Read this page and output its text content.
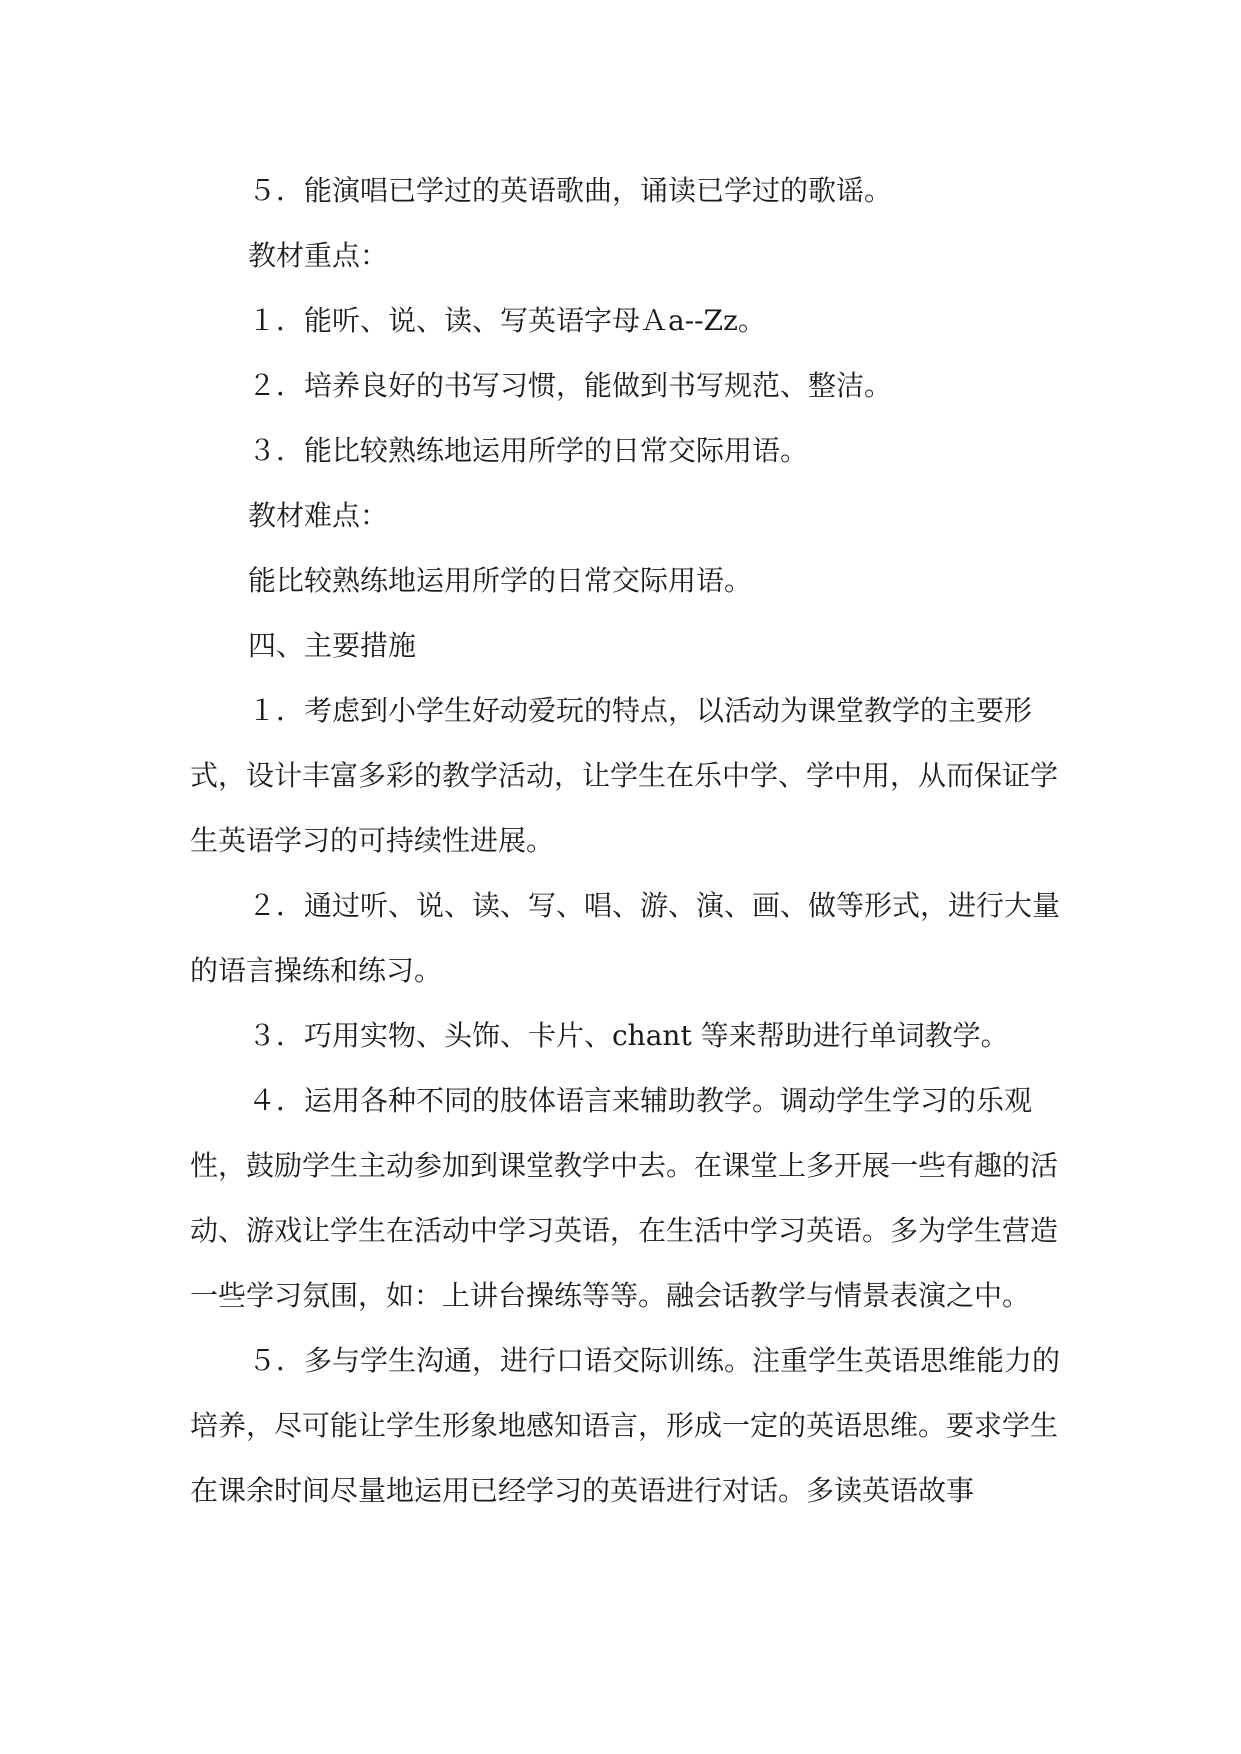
５．能演唱已学过的英语歌曲，诵读已学过的歌谣。

教材重点：

１．能听、说、读、写英语字母Ａa--Zz。

２．培养良好的书写习惯，能做到书写规范、整洁。

３．能比较熟练地运用所学的日常交际用语。

教材难点：

能比较熟练地运用所学的日常交际用语。

四、主要措施

１．考虑到小学生好动爱玩的特点，以活动为课堂教学的主要形式，设计丰富多彩的教学活动，让学生在乐中学、学中用，从而保证学生英语学习的可持续性进展。

２．通过听、说、读、写、唱、游、演、画、做等形式，进行大量的语言操练和练习。

３．巧用实物、头饰、卡片、chant 等来帮助进行单词教学。

４．运用各种不同的肢体语言来辅助教学。调动学生学习的乐观性，鼓励学生主动参加到课堂教学中去。在课堂上多开展一些有趣的活动、游戏让学生在活动中学习英语，在生活中学习英语。多为学生营造一些学习氛围，如：上讲台操练等等。融会话教学与情景表演之中。

５．多与学生沟通，进行口语交际训练。注重学生英语思维能力的培养，尽可能让学生形象地感知语言，形成一定的英语思维。要求学生在课余时间尽量地运用已经学习的英语进行对话。多读英语故事
